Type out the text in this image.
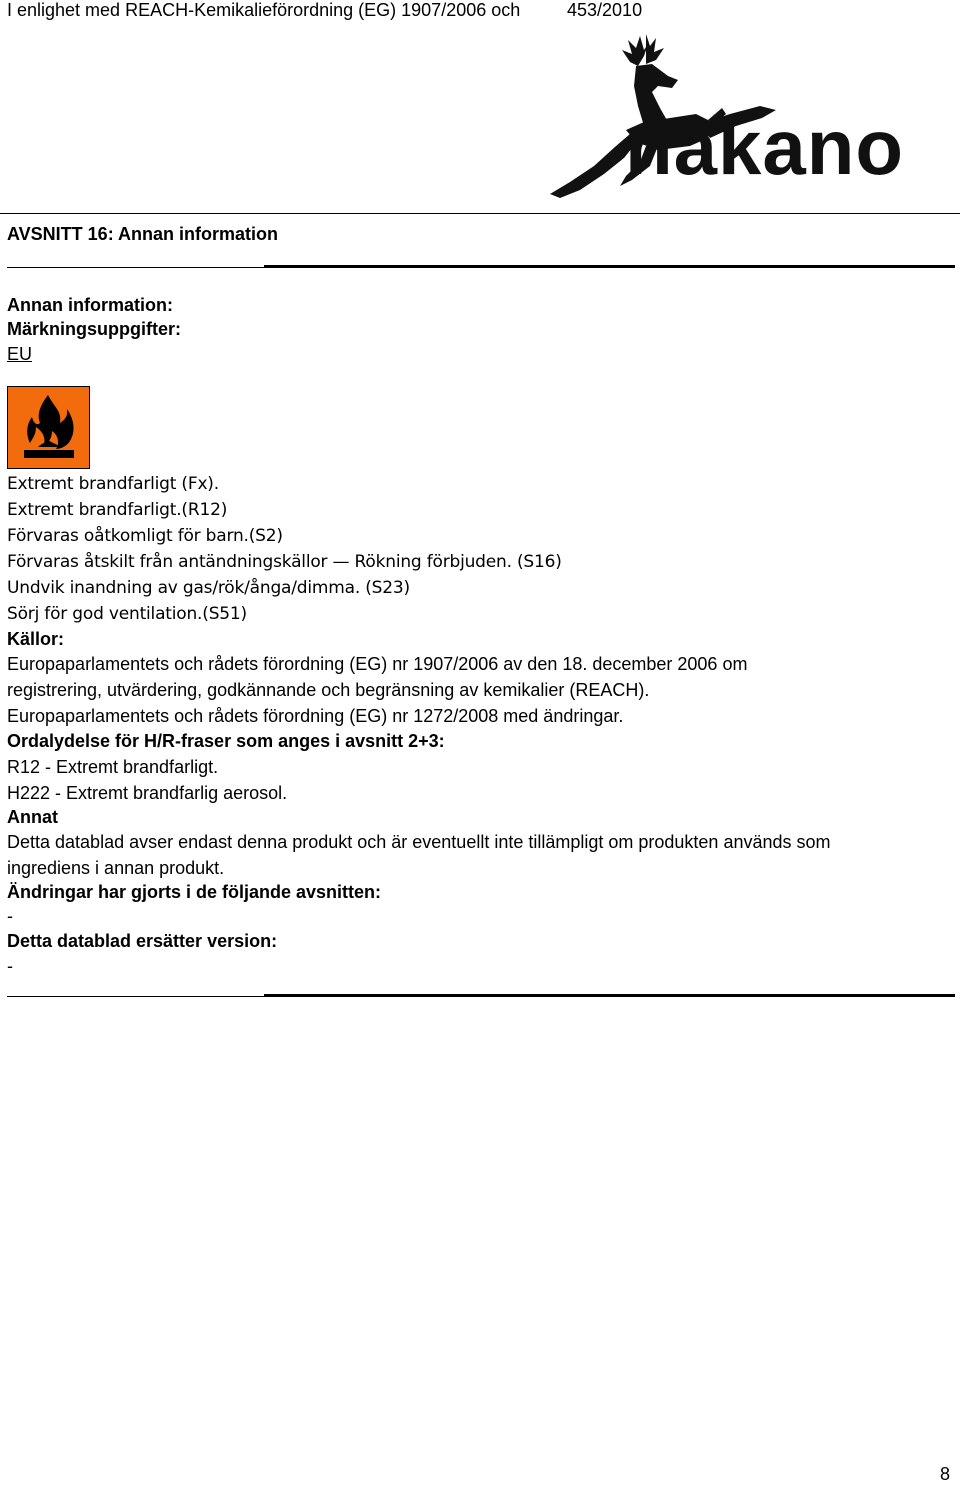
I enlighet med REACH-Kemikalieförordning (EG) 1907/2006 och	453/2010
nakano
AVSNITT 16: Annan information
Annan information:
Märkningsuppgifter:
EU
Extremt brandfarligt (Fx).
Extremt brandfarligt.(R12)
Förvaras oåtkomligt för barn.(S2)
Förvaras åtskilt från antändningskällor — Rökning förbjuden. (S16)
Undvik inandning av gas/rök/ånga/dimma. (S23)
Sörj för god ventilation.(S51)
Källor:
Europaparlamentets och rådets förordning (EG) nr 1907/2006 av den 18. december 2006 om
registrering, utvärdering, godkännande och begränsning av kemikalier (REACH).
Europaparlamentets och rådets förordning (EG) nr 1272/2008 med ändringar.
Ordalydelse för H/R-fraser som anges i avsnitt 2+3:
R12 - Extremt brandfarligt.
H222 - Extremt brandfarlig aerosol.
Annat
Detta datablad avser endast denna produkt och är eventuellt inte tillämpligt om produkten används som
ingrediens i annan produkt.
Ändringar har gjorts i de följande avsnitten:
-
Detta datablad ersätter version:
-
8
